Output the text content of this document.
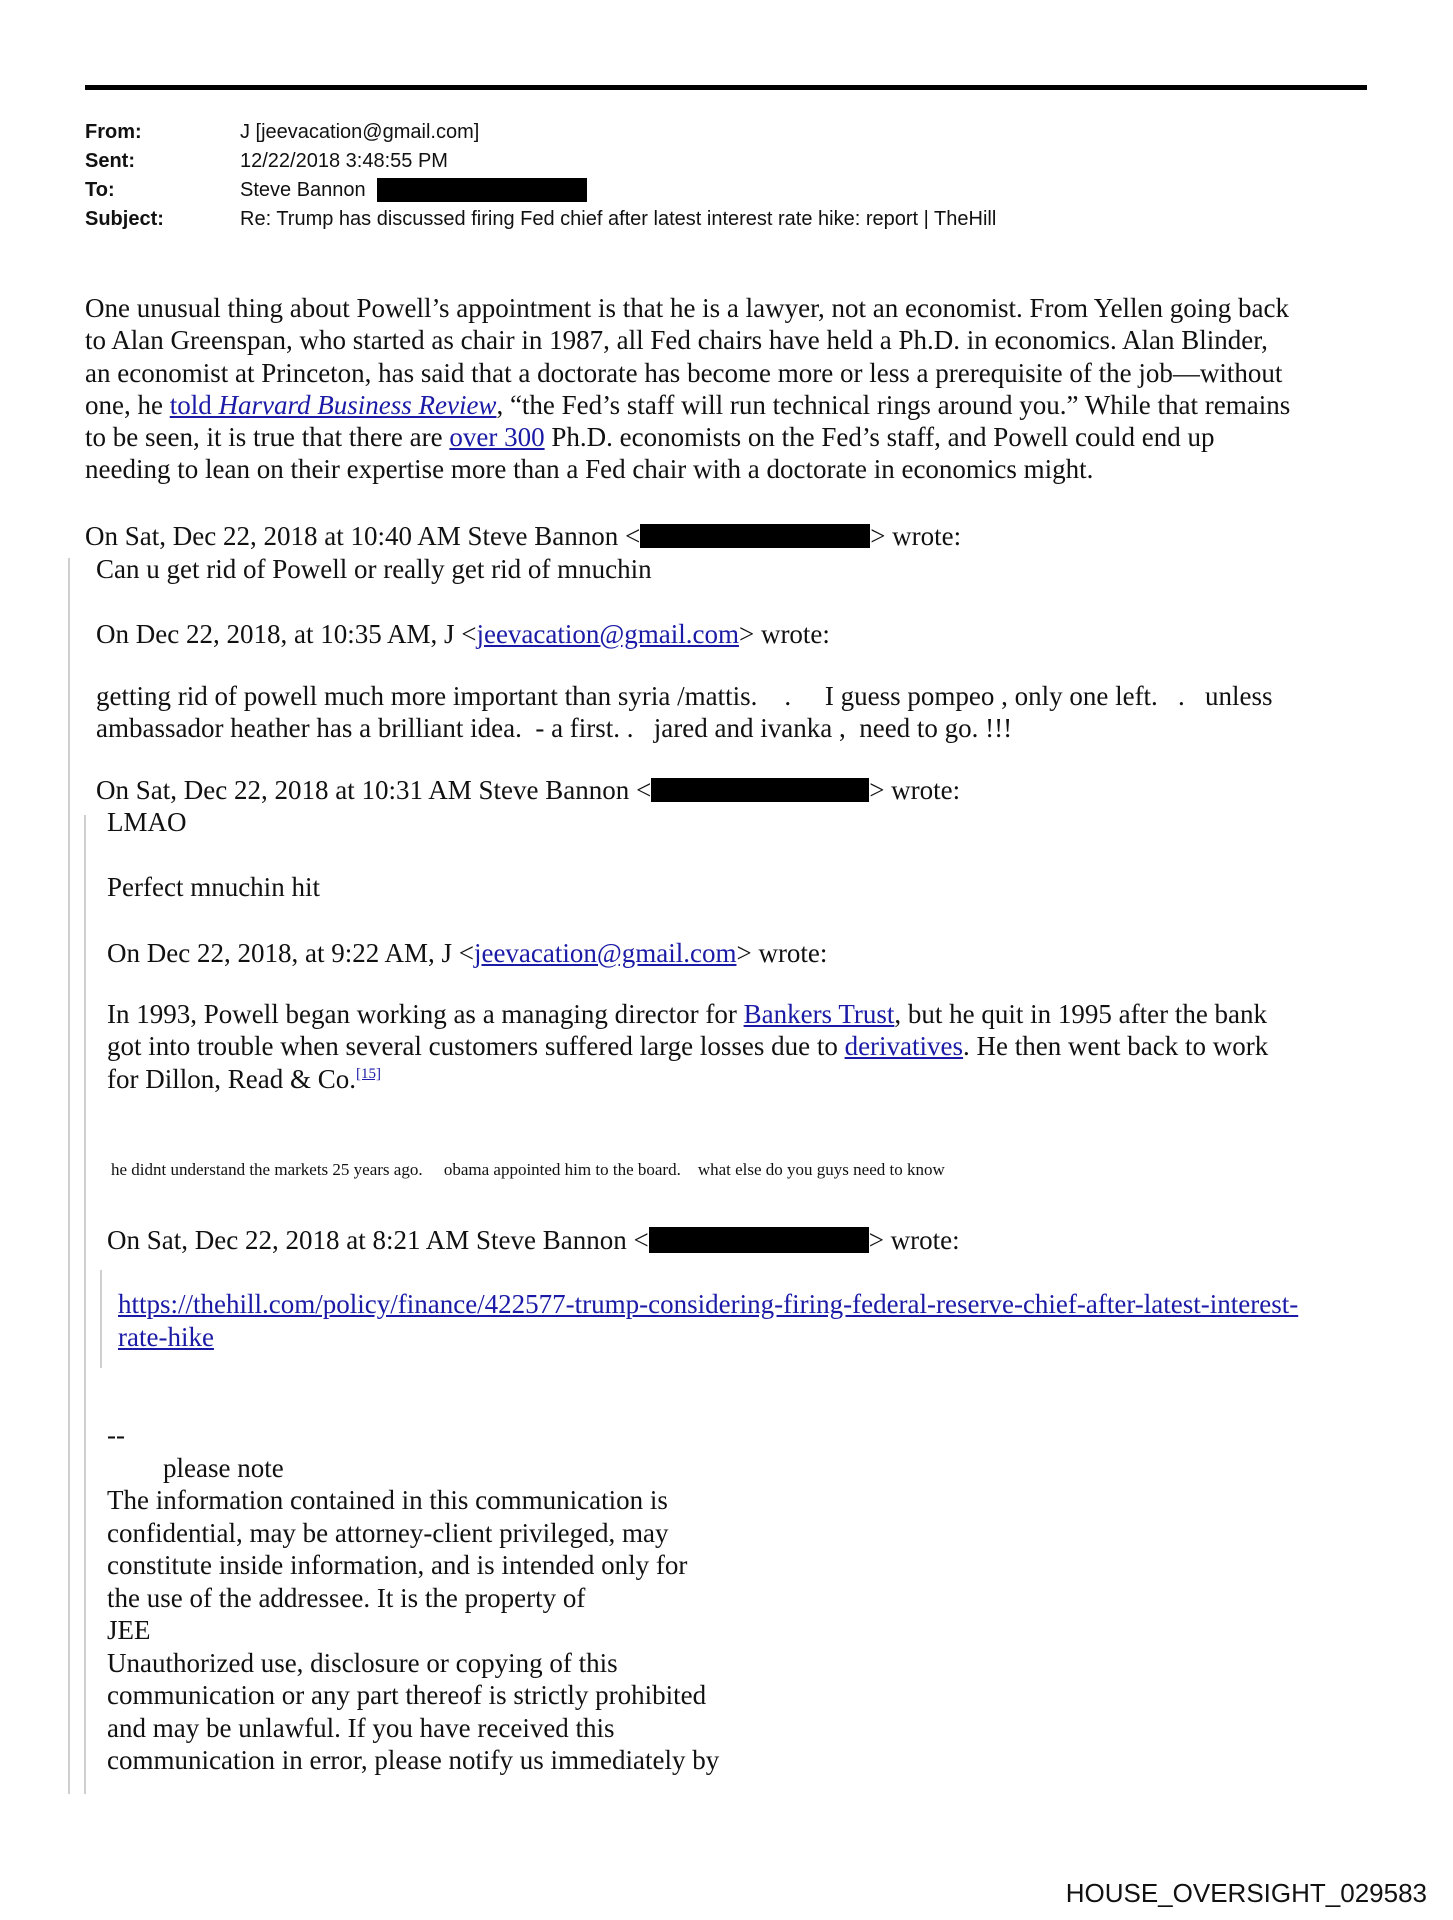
From:	J [jeevacation@gmail.com]
Sent:	12/22/2018 3:48:55 PM
To:	Steve Bannon
Subject:	Re: Trump has discussed firing Fed chief after latest interest rate hike: report | TheHill
One unusual thing about Powell’s appointment is that he is a lawyer, not an economist. From Yellen going back
to Alan Greenspan, who started as chair in 1987, all Fed chairs have held a Ph.D. in economics. Alan Blinder,
an economist at Princeton, has said that a doctorate has become more or less a prerequisite of the job—without
one, he told Harvard Business Review, “the Fed’s staff will run technical rings around you.” While that remains
to be seen, it is true that there are over 300 Ph.D. economists on the Fed’s staff, and Powell could end up
needing to lean on their expertise more than a Fed chair with a doctorate in economics might.
On Sat, Dec 22, 2018 at 10:40 AM Steve Bannon <	> wrote:
Can u get rid of Powell or really get rid of mnuchin
On Dec 22, 2018, at 10:35 AM, J <jeevacation@gmail.com> wrote:
getting rid of powell much more important than syria /mattis.    .     I guess pompeo , only one left.   .   unless
ambassador heather has a brilliant idea.  - a first. .   jared and ivanka ,  need to go. !!!
On Sat, Dec 22, 2018 at 10:31 AM Steve Bannon <	> wrote:
LMAO
Perfect mnuchin hit
On Dec 22, 2018, at 9:22 AM, J <jeevacation@gmail.com> wrote:
In 1993, Powell began working as a managing director for Bankers Trust, but he quit in 1995 after the bank
got into trouble when several customers suffered large losses due to derivatives. He then went back to work
for Dillon, Read & Co.[15]
he didnt understand the markets 25 years ago.     obama appointed him to the board.    what else do you guys need to know
On Sat, Dec 22, 2018 at 8:21 AM Steve Bannon <	> wrote:
https://thehill.com/policy/finance/422577-trump-considering-firing-federal-reserve-chief-after-latest-interest-
rate-hike
--
please note
The information contained in this communication is
confidential, may be attorney-client privileged, may
constitute inside information, and is intended only for
the use of the addressee. It is the property of
JEE
Unauthorized use, disclosure or copying of this
communication or any part thereof is strictly prohibited
and may be unlawful. If you have received this
communication in error, please notify us immediately by
HOUSE_OVERSIGHT_029583
